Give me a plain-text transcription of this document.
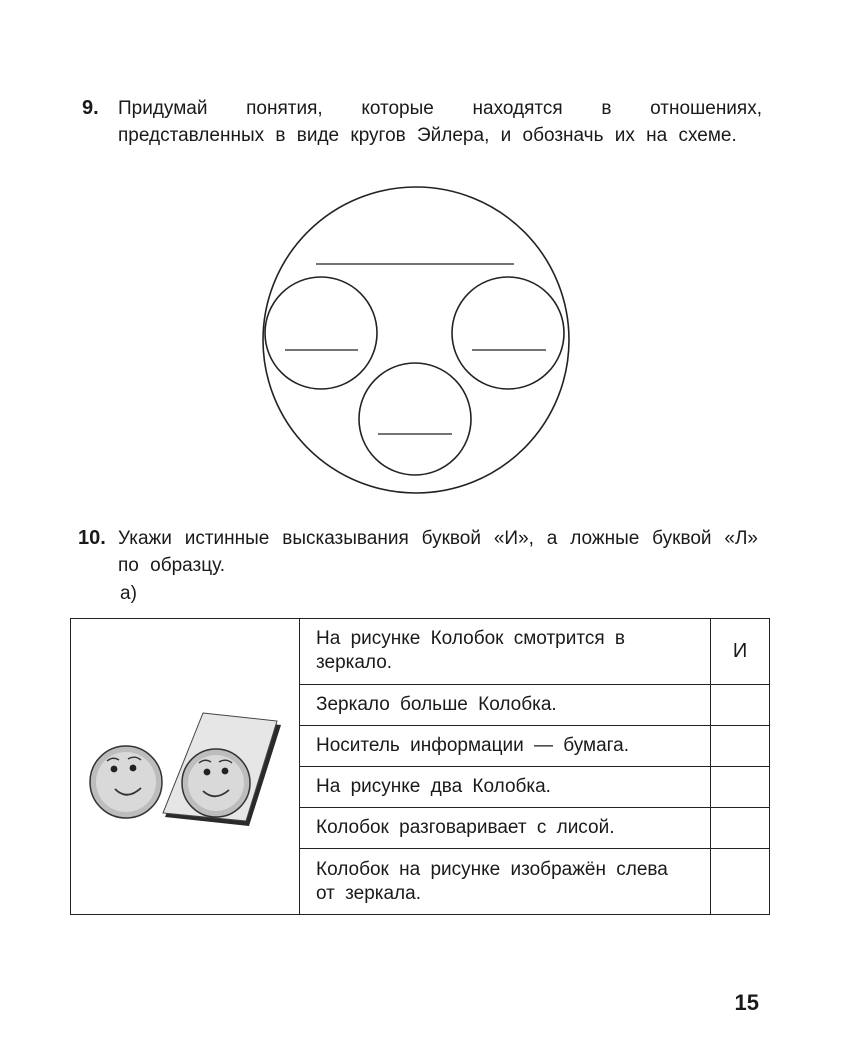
9. Придумай понятия, которые находятся в отношениях, представленных в виде кругов Эйлера, и обозначь их на схеме.
10. Укажи истинные высказывания буквой «И», а ложные буквой «Л» по образцу.
а)
	На рисунке Колобок смотрится в зеркало.	И
	Зеркало больше Колобка.	
	Носитель информации — бумага.	
	На рисунке два Колобка.	
	Колобок разговаривает с лисой.	
	Колобок на рисунке изображён слева от зеркала.	
15
